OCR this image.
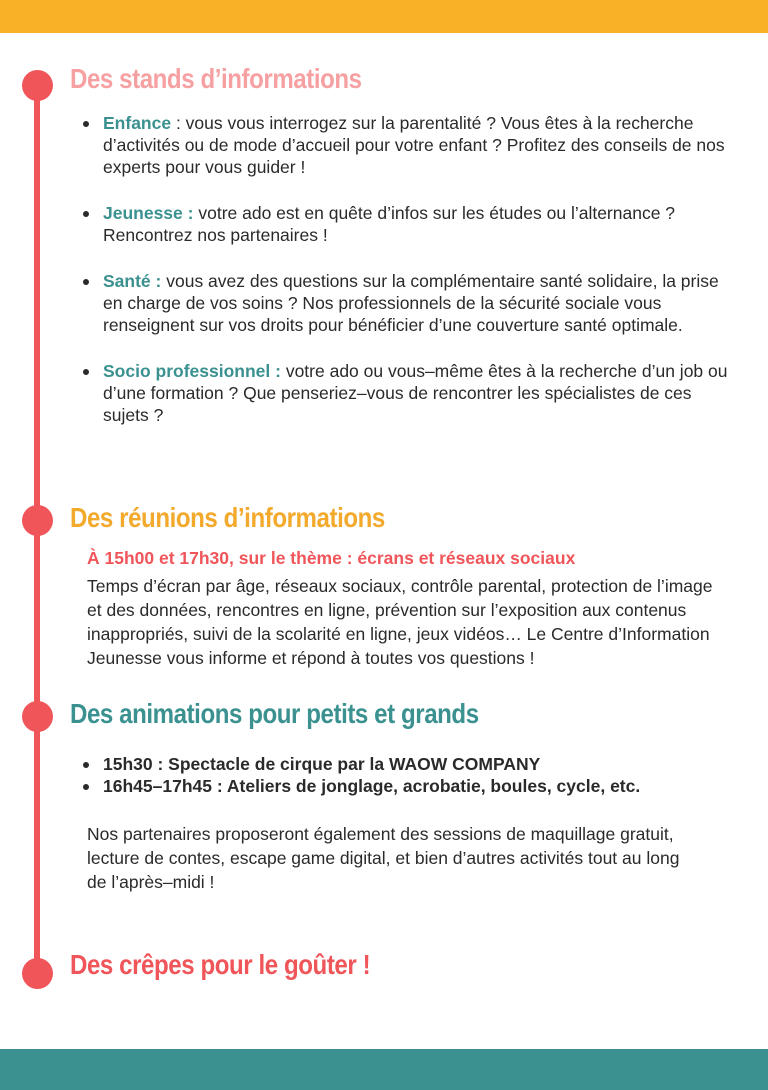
Des stands d’informations
Enfance : vous vous interrogez sur la parentalité ? Vous êtes à la recherche d’activités ou de mode d’accueil pour votre enfant ? Profitez des conseils de nos experts pour vous guider !
Jeunesse : votre ado est en quête d’infos sur les études ou l’alternance ? Rencontrez nos partenaires !
Santé : vous avez des questions sur la complémentaire santé solidaire, la prise en charge de vos soins ? Nos professionnels de la sécurité sociale vous renseignent sur vos droits pour bénéficier d’une couverture santé optimale.
Socio professionnel : votre ado ou vous–même êtes à la recherche d’un job ou d’une formation ? Que penseriez–vous de rencontrer les spécialistes de ces sujets ?
Des réunions d’informations

À 15h00 et 17h30, sur le thème : écrans et réseaux sociaux

Temps d’écran par âge, réseaux sociaux, contrôle parental, protection de l’image et des données, rencontres en ligne, prévention sur l’exposition aux contenus inappropriés, suivi de la scolarité en ligne, jeux vidéos… Le Centre d’Information Jeunesse vous informe et répond à toutes vos questions !

Des animations pour petits et grands
15h30 : Spectacle de cirque par la WAOW COMPANY
16h45–17h45 : Ateliers de jonglage, acrobatie, boules, cycle, etc.

Nos partenaires proposeront également des sessions de maquillage gratuit, lecture de contes, escape game digital, et bien d’autres activités tout au long de l’après–midi !

Des crêpes pour le goûter !
